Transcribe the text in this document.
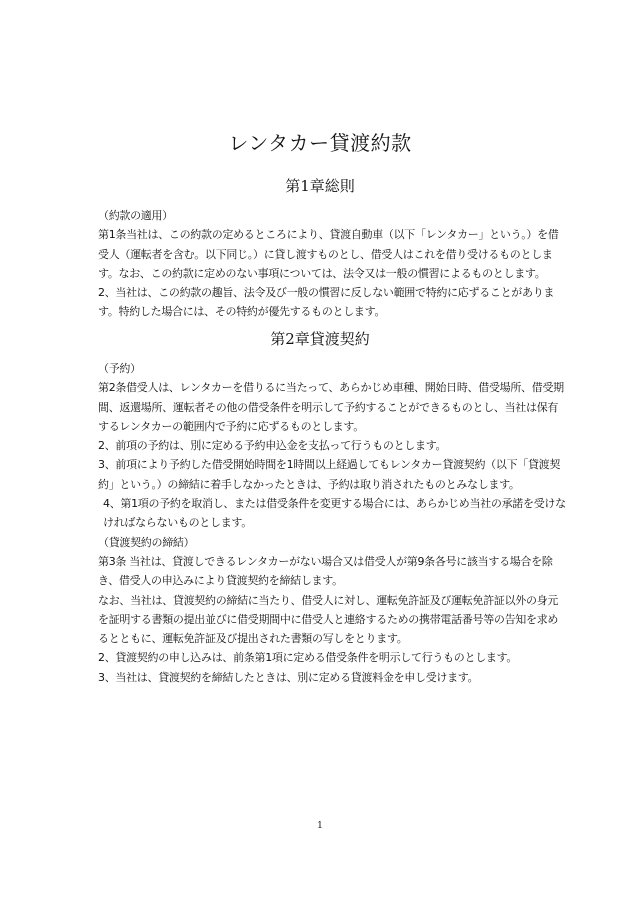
レンタカー貸渡約款
第1章総則

（約款の適用）

第1条当社は、この約款の定めるところにより、貸渡自動車（以下「レンタカー」という。）を借受人（運転者を含む。以下同じ。）に貸し渡すものとし、借受人はこれを借り受けるものとします。なお、この約款に定めのない事項については、法令又は一般の慣習によるものとします。

2、当社は、この約款の趣旨、法令及び一般の慣習に反しない範囲で特約に応ずることがあります。特約した場合には、その特約が優先するものとします。

第2章貸渡契約

（予約）

第2条借受人は、レンタカーを借りるに当たって、あらかじめ車種、開始日時、借受場所、借受期間、返還場所、運転者その他の借受条件を明示して予約することができるものとし、当社は保有するレンタカーの範囲内で予約に応ずるものとします。

2、前項の予約は、別に定める予約申込金を支払って行うものとします。

3、前項により予約した借受開始時間を1時間以上経過してもレンタカー貸渡契約（以下「貸渡契約」という。）の締結に着手しなかったときは、予約は取り消されたものとみなします。

4、第1項の予約を取消し、または借受条件を変更する場合には、あらかじめ当社の承諾を受けなければならないものとします。

（貸渡契約の締結）

第3条 当社は、貸渡しできるレンタカーがない場合又は借受人が第9条各号に該当する場合を除き、借受人の申込みにより貸渡契約を締結します。

なお、当社は、貸渡契約の締結に当たり、借受人に対し、運転免許証及び運転免許証以外の身元を証明する書類の提出並びに借受期間中に借受人と連絡するための携帯電話番号等の告知を求めるとともに、運転免許証及び提出された書類の写しをとります。

2、貸渡契約の申し込みは、前条第1項に定める借受条件を明示して行うものとします。

3、当社は、貸渡契約を締結したときは、別に定める貸渡料金を申し受けます。

1
